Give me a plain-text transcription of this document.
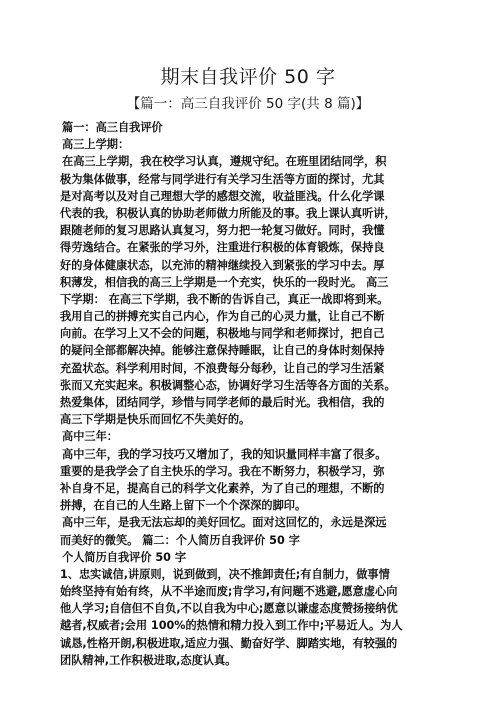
期末自我评价 50 字
【篇一：高三自我评价 50 字(共 8 篇)】
篇一：高三自我评价
高三上学期：
在高三上学期，我在校学习认真，遵规守纪。在班里团结同学，积
极为集体做事，经常与同学进行有关学习生活等方面的探讨，尤其
是对高考以及对自己理想大学的感想交流，收益匪浅。什么化学课
代表的我，积极认真的协助老师做力所能及的事。我上课认真听讲，
跟随老师的复习思路认真复习，努力把一轮复习做好。同时，我懂
得劳逸结合。在紧张的学习外，注重进行积极的体育锻炼，保持良
好的身体健康状态，以充沛的精神继续投入到紧张的学习中去。厚
积薄发，相信我的高三上学期是一个充实，快乐的一段时光。 高三
下学期： 在高三下学期，我不断的告诉自己，真正一战即将到来。
我用自己的拼搏充实自己内心，作为自己的心灵力量，让自己不断
向前。在学习上又不会的问题，积极地与同学和老师探讨，把自己
的疑问全部都解决掉。能够注意保持睡眠，让自己的身体时刻保持
充盈状态。科学利用时间，不浪费每分每秒，让自己的学习生活紧
张而又充实起来。积极调整心态，协调好学习生活等各方面的关系。
热爱集体，团结同学，珍惜与同学老师的最后时光。我相信，我的
高三下学期是快乐而回忆不失美好的。
高中三年：
高中三年，我的学习技巧又增加了，我的知识量同样丰富了很多。
重要的是我学会了自主快乐的学习。我在不断努力，积极学习，弥
补自身不足，提高自己的科学文化素养，为了自己的理想，不断的
拼搏，在自己的人生路上留下一个个深深的脚印。
高中三年，是我无法忘却的美好回忆。面对这回忆的，永远是深远
而美好的微笑。 篇二：个人简历自我评价 50 字
个人简历自我评价 50 字
1、忠实诚信,讲原则，说到做到，决不推卸责任;有自制力，做事情
始终坚持有始有终，从不半途而废;肯学习,有问题不逃避,愿意虚心向
他人学习;自信但不自负,不以自我为中心;愿意以谦虚态度赞扬接纳优
越者,权威者;会用 100%的热情和精力投入到工作中;平易近人。为人
诚恳,性格开朗,积极进取,适应力强、勤奋好学、脚踏实地，有较强的
团队精神,工作积极进取,态度认真。
